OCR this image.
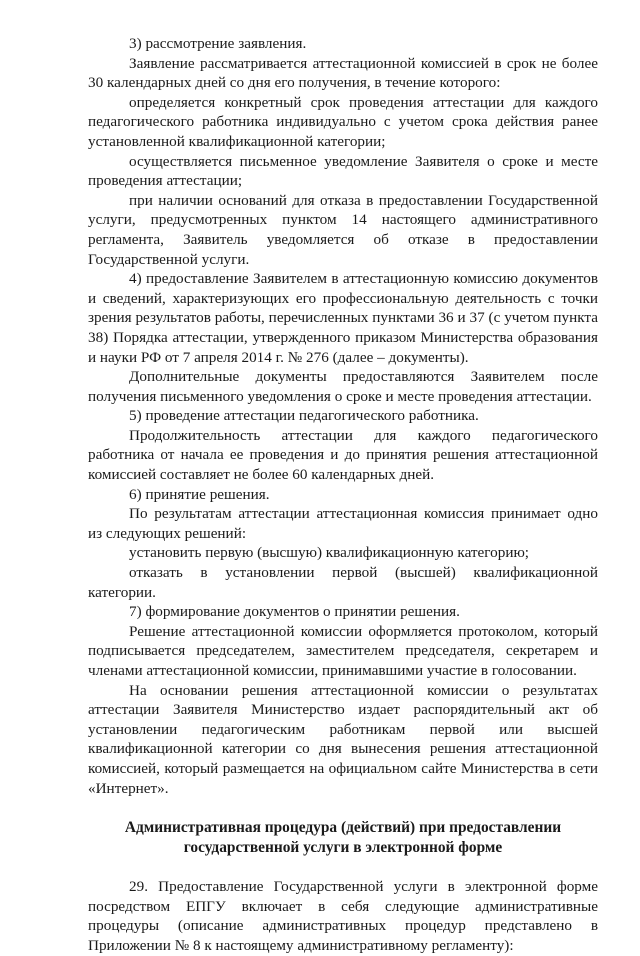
3) рассмотрение заявления.

Заявление рассматривается аттестационной комиссией в срок не более 30 календарных дней со дня его получения, в течение которого:

определяется конкретный срок проведения аттестации для каждого педагогического работника индивидуально с учетом срока действия ранее установленной квалификационной категории;

осуществляется письменное уведомление Заявителя о сроке и месте проведения аттестации;

при наличии оснований для отказа в предоставлении Государственной услуги, предусмотренных пунктом 14 настоящего административного регламента, Заявитель уведомляется об отказе в предоставлении Государственной услуги.

4) предоставление Заявителем в аттестационную комиссию документов и сведений, характеризующих его профессиональную деятельность с точки зрения результатов работы, перечисленных пунктами 36 и 37 (с учетом пункта 38) Порядка аттестации, утвержденного приказом Министерства образования и науки РФ от 7 апреля 2014 г. № 276 (далее – документы).

Дополнительные документы предоставляются Заявителем после получения письменного уведомления о сроке и месте проведения аттестации.

5) проведение аттестации педагогического работника.

Продолжительность аттестации для каждого педагогического работника от начала ее проведения и до принятия решения аттестационной комиссией составляет не более 60 календарных дней.

6) принятие решения.

По результатам аттестации аттестационная комиссия принимает одно из следующих решений:

установить первую (высшую) квалификационную категорию;

отказать в установлении первой (высшей) квалификационной категории.

7) формирование документов о принятии решения.

Решение аттестационной комиссии оформляется протоколом, который подписывается председателем, заместителем председателя, секретарем и членами аттестационной комиссии, принимавшими участие в голосовании.

На основании решения аттестационной комиссии о результатах аттестации Заявителя Министерство издает распорядительный акт об установлении педагогическим работникам первой или высшей квалификационной категории со дня вынесения решения аттестационной комиссией, который размещается на официальном сайте Министерства в сети «Интернет».

Административная процедура (действий) при предоставлении
государственной услуги в электронной форме

29. Предоставление Государственной услуги в электронной форме посредством ЕПГУ включает в себя следующие административные процедуры (описание административных процедур представлено в Приложении № 8 к настоящему административному регламенту):
